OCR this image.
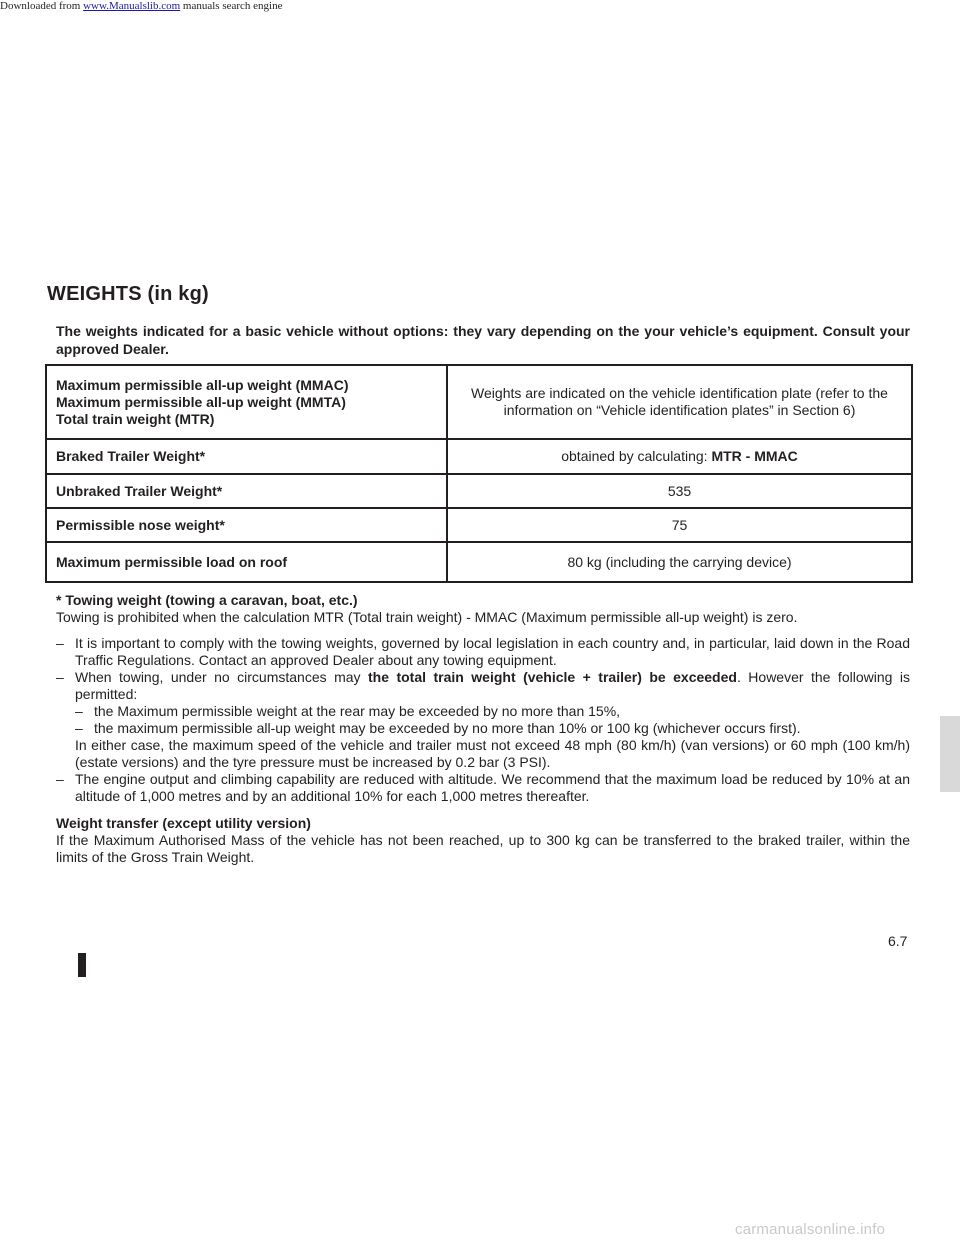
Downloaded from www.Manualslib.com manuals search engine
WEIGHTS (in kg)

The weights indicated for a basic vehicle without options: they vary depending on the your vehicle’s equipment. Consult your approved Dealer.

Maximum permissible all-up weight (MMAC)
Maximum permissible all-up weight (MMTA)
Total train weight (MTR)	Weights are indicated on the vehicle identification plate (refer to the information on “Vehicle identification plates” in Section 6)
Braked Trailer Weight*	obtained by calculating: MTR - MMAC
Unbraked Trailer Weight*	535
Permissible nose weight*	75
Maximum permissible load on roof	80 kg (including the carrying device)

* Towing weight (towing a caravan, boat, etc.)

Towing is prohibited when the calculation MTR (Total train weight) - MMAC (Maximum permissible all-up weight) is zero.

– It is important to comply with the towing weights, governed by local legislation in each country and, in particular, laid down in the Road Traffic Regulations. Contact an approved Dealer about any towing equipment.
– When towing, under no circumstances may the total train weight (vehicle + trailer) be exceeded. However the following is permitted:
– the Maximum permissible weight at the rear may be exceeded by no more than 15%,
– the maximum permissible all-up weight may be exceeded by no more than 10% or 100 kg (whichever occurs first).
In either case, the maximum speed of the vehicle and trailer must not exceed 48 mph (80 km/h) (van versions) or 60 mph (100 km/h) (estate versions) and the tyre pressure must be increased by 0.2 bar (3 PSI).
– The engine output and climbing capability are reduced with altitude. We recommend that the maximum load be reduced by 10% at an altitude of 1,000 metres and by an additional 10% for each 1,000 metres thereafter.

Weight transfer (except utility version)

If the Maximum Authorised Mass of the vehicle has not been reached, up to 300 kg can be transferred to the braked trailer, within the limits of the Gross Train Weight.

6.7
carmanualsonline.info
